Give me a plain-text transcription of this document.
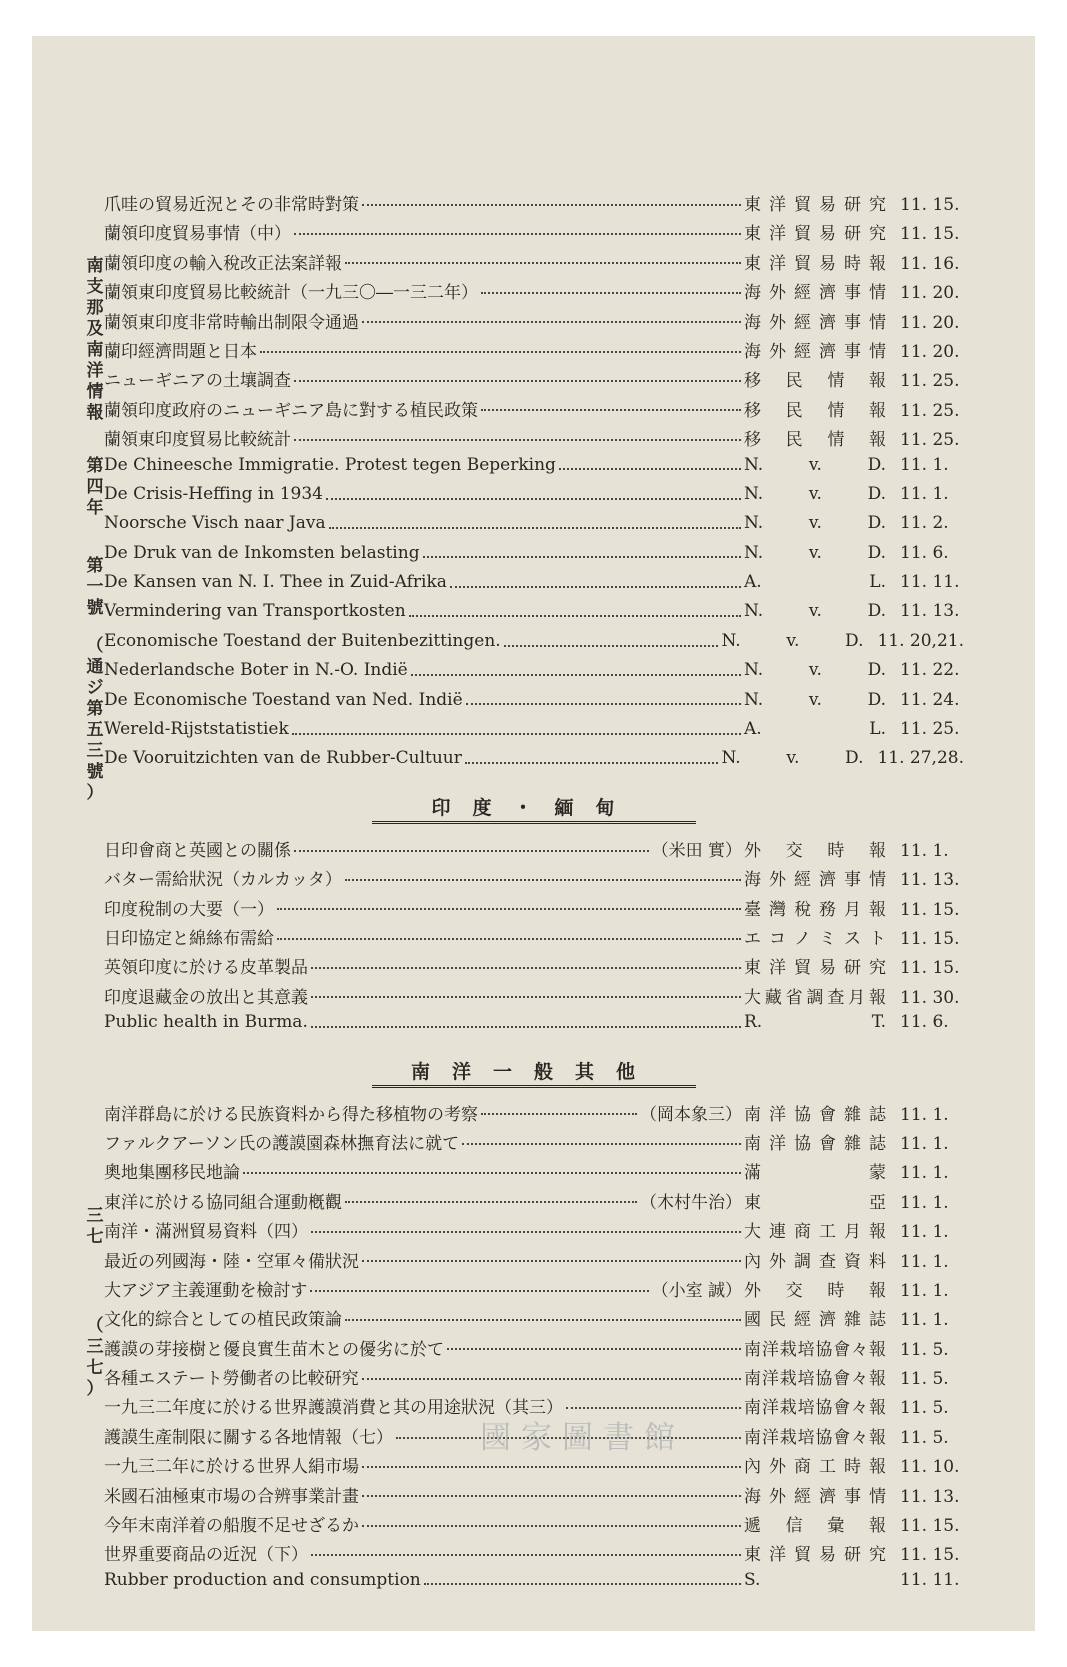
南
支
那
及
南
洋
情
報
第
四
年
第
一
號
（
通
ジ
第
五
三
號
）
三
七
（
三
七
）
爪哇の貿易近況とその非常時對策	東洋貿易研究 11. 15.
蘭領印度貿易事情（中）	東洋貿易研究 11. 15.
蘭領印度の輸入稅改正法案詳報	東洋貿易時報 11. 16.
蘭領東印度貿易比較統計（一九三〇―一三二年）	海外經濟事情 11. 20.
蘭領東印度非常時輸出制限令通過	海外經濟事情 11. 20.
蘭印經濟問題と日本	海外經濟事情 11. 20.
ニューギニアの土壤調查	移 民 情 報 11. 25.
蘭領印度政府のニューギニア島に對する植民政策	移 民 情 報 11. 25.
蘭領東印度貿易比較統計	移 民 情 報 11. 25.
De Chineesche Immigratie. Protest tegen Beperking	N. v. D. 11. 1.
De Crisis-Heffing in 1934	N. v. D. 11. 1.
Noorsche Visch naar Java	N. v. D. 11. 2.
De Druk van de Inkomsten belasting	N. v. D. 11. 6.
De Kansen van N. I. Thee in Zuid-Afrika	A. L. 11. 11.
Vermindering van Transportkosten	N. v. D. 11. 13.
Economische Toestand der Buitenbezittingen.	N. v. D. 11. 20,21.
Nederlandsche Boter in N.-O. Indië	N. v. D. 11. 22.
De Economische Toestand van Ned. Indië	N. v. D. 11. 24.
Wereld-Rijststatistiek	A. L. 11. 25.
De Vooruitzichten van de Rubber-Cultuur	N. v. D. 11. 27,28.
印度・緬甸
日印會商と英國との關係	（米田 實） 外 交 時 報 11. 1.
バター需給狀況（カルカッタ）	海外經濟事情 11. 13.
印度稅制の大要（一）	臺灣稅務月報 11. 15.
日印協定と綿絲布需給	エコノミスト 11. 15.
英領印度に於ける皮革製品	東洋貿易研究 11. 15.
印度退藏金の放出と其意義	大藏省調查月報 11. 30.
Public health in Burma.	R. T. 11. 6.
南洋一般其他
南洋群島に於ける民族資料から得た移植物の考察	（岡本象三） 南洋協會雜誌 11. 1.
ファルクアーソン氏の護謨園森林撫育法に就て	南洋協會雜誌 11. 1.
奧地集團移民地論	滿 蒙 11. 1.
東洋に於ける協同組合運動槪觀	（木村牛治） 東 亞 11. 1.
南洋・滿洲貿易資料（四）	大連商工月報 11. 1.
最近の列國海・陸・空軍々備狀況	內外調查資料 11. 1.
大アジア主義運動を檢討す	（小室 誠） 外 交 時 報 11. 1.
文化的綜合としての植民政策論	國民經濟雜誌 11. 1.
護謨の芽接樹と優良實生苗木との優劣に於て	南洋栽培協會々報 11. 5.
各種エステート勞働者の比較研究	南洋栽培協會々報 11. 5.
一九三二年度に於ける世界護謨消費と其の用途狀況（其三）	南洋栽培協會々報 11. 5.
護謨生產制限に關する各地情報（七）	南洋栽培協會々報 11. 5.
一九三二年に於ける世界人絹市場	內外商工時報 11. 10.
米國石油極東市場の合辨事業計畫	海外經濟事情 11. 13.
今年末南洋着の船腹不足せざるか	遞 信 彙 報 11. 15.
世界重要商品の近況（下）	東洋貿易研究 11. 15.
Rubber production and consumption	S.	11. 11.
國家圖書館
